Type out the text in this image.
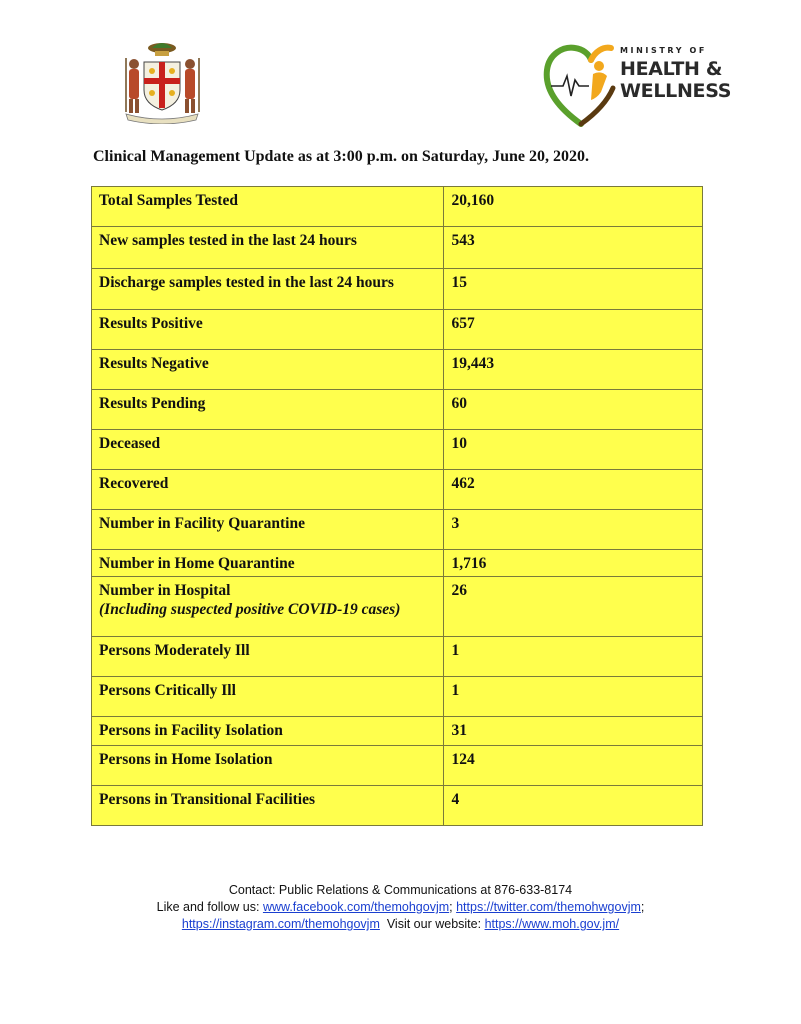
MINISTRY OF
HEALTH &
WELLNESS
Clinical Management Update as at 3:00 p.m. on Saturday, June 20, 2020.
Total Samples Tested	20,160
New samples tested in the last 24 hours	543
Discharge samples tested in the last 24 hours	15
Results Positive	657
Results Negative	19,443
Results Pending	60
Deceased	10
Recovered	462
Number in Facility Quarantine	3
Number in Home Quarantine	1,716
Number in Hospital
(Including suspected positive COVID-19 cases)	26
Persons Moderately Ill	1
Persons Critically Ill	1
Persons in Facility Isolation	31
Persons in Home Isolation	124
Persons in Transitional Facilities	4
Contact: Public Relations & Communications at 876-633-8174
Like and follow us: www.facebook.com/themohgovjm; https://twitter.com/themohwgovjm;
https://instagram.com/themohgovjm  Visit our website: https://www.moh.gov.jm/
